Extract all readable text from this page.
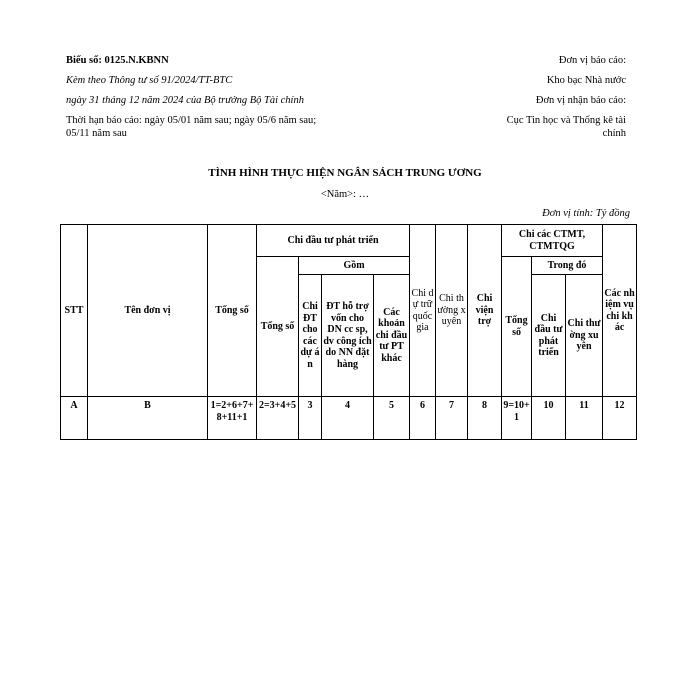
Biểu số: 0125.N.KBNN
Kèm theo Thông tư số 91/2024/TT-BTC
ngày 31 tháng 12 năm 2024 của Bộ trưởng Bộ Tài chính
Thời hạn báo cáo: ngày 05/01 năm sau; ngày 05/6 năm sau;
05/11 năm sau
Đơn vị báo cáo:
Kho bạc Nhà nước
Đơn vị nhận báo cáo:
Cục Tin học và Thống kê tài
chính
TÌNH HÌNH THỰC HIỆN NGÂN SÁCH TRUNG ƯƠNG
<Năm>: …
Đơn vị tính: Tỷ đồng
STT	Tên đơn vị	Tổng số	Chi đầu tư phát triển				Chi dự trữ quốc gia	Chi thường xuyên	Chi viện trợ	Chi các CTMT, CTMTQG			Các nhiệm vụ chi khác
			Tổng số	Gồm						Tổng số	Trong đó		
				Chi ĐT cho các dự án	ĐT hỗ trợ vốn cho DN cc sp, dv công ích do NN đặt hàng	Các khoản chi đầu tư PT khác					Chi đầu tư phát triển	Chi thường xuyên	
A	B	1=2+6+7+8+11+1	2=3+4+5	3	4	5	6	7	8	9=10+1	10	11	12
